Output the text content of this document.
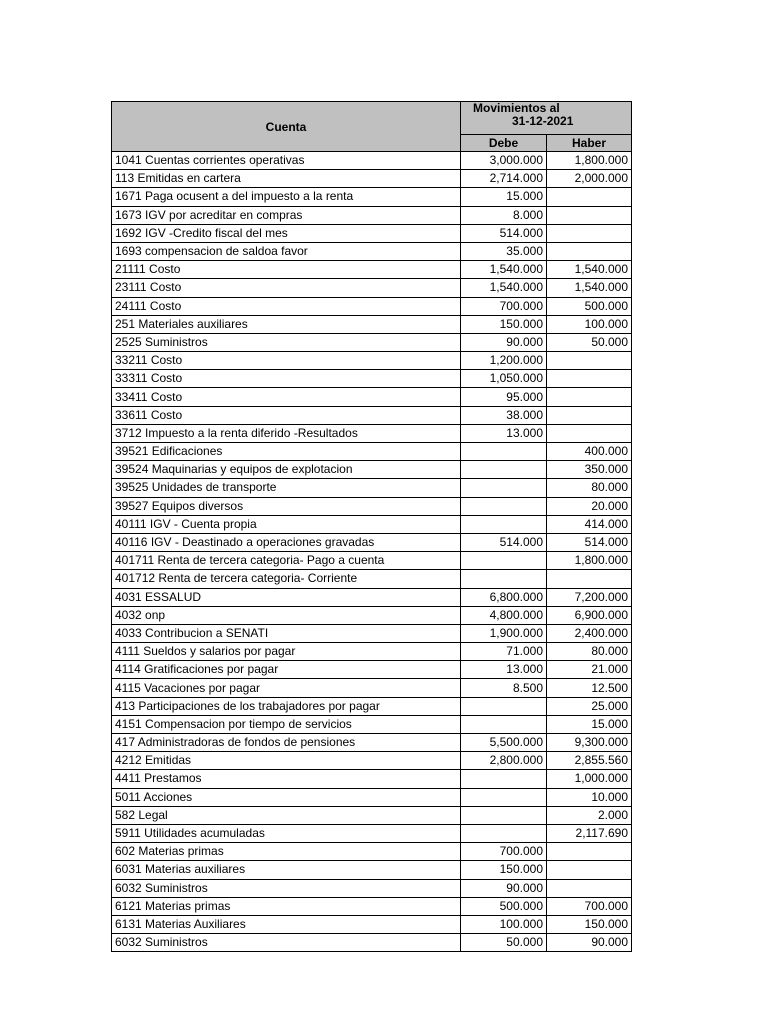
Cuenta	Movimientos al
31-12-2021	

	Debe	Haber
1041 Cuentas corrientes operativas	3,000.000	1,800.000
113 Emitidas en cartera	2,714.000	2,000.000
1671 Paga ocusent a del impuesto a la renta	15.000	
1673 IGV por acreditar en compras	8.000	
1692 IGV -Credito fiscal del mes	514.000	
1693 compensacion de saldoa favor	35.000	
21111 Costo	1,540.000	1,540.000
23111 Costo	1,540.000	1,540.000
24111 Costo	700.000	500.000
251 Materiales auxiliares	150.000	100.000
2525 Suministros	90.000	50.000
33211 Costo	1,200.000	
33311 Costo	1,050.000	
33411 Costo	95.000	
33611 Costo	38.000	
3712 Impuesto a la renta diferido -Resultados	13.000	
39521 Edificaciones		400.000
39524 Maquinarias y equipos de explotacion		350.000
39525 Unidades de transporte		80.000
39527 Equipos diversos		20.000
40111 IGV - Cuenta propia		414.000
40116 IGV - Deastinado a operaciones gravadas	514.000	514.000
401711 Renta de tercera categoria- Pago a cuenta		1,800.000
401712 Renta de tercera categoria- Corriente		
4031 ESSALUD	6,800.000	7,200.000
4032 onp	4,800.000	6,900.000
4033 Contribucion a SENATI	1,900.000	2,400.000
4111 Sueldos y salarios por pagar	71.000	80.000
4114 Gratificaciones por pagar	13.000	21.000
4115 Vacaciones por pagar	8.500	12.500
413 Participaciones de los trabajadores por pagar		25.000
4151 Compensacion por tiempo de servicios		15.000
417 Administradoras de fondos de pensiones	5,500.000	9,300.000
4212 Emitidas	2,800.000	2,855.560
4411 Prestamos		1,000.000
5011 Acciones		10.000
582 Legal		2.000
5911 Utilidades acumuladas		2,117.690
602 Materias primas	700.000	
6031 Materias auxiliares	150.000	
6032 Suministros	90.000	
6121 Materias primas	500.000	700.000
6131 Materias Auxiliares	100.000	150.000
6032 Suministros	50.000	90.000
